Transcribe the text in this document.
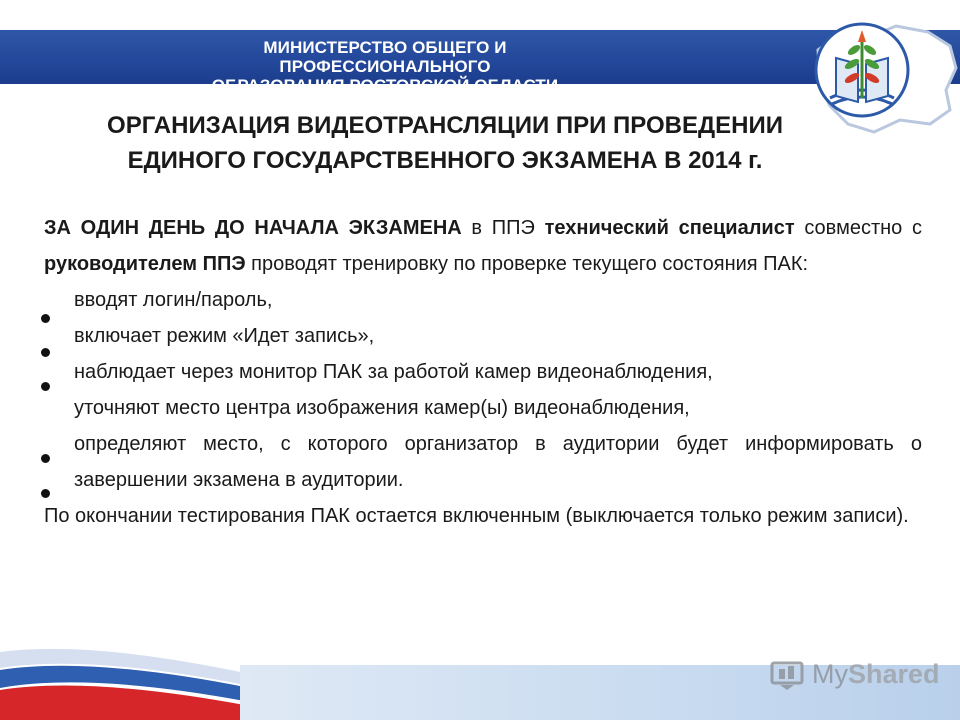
МИНИСТЕРСТВО ОБЩЕГО И ПРОФЕССИОНАЛЬНОГО
ОБРАЗОВАНИЯ РОСТОВСКОЙ ОБЛАСТИ
ОРГАНИЗАЦИЯ ВИДЕОТРАНСЛЯЦИИ ПРИ ПРОВЕДЕНИИ
ЕДИНОГО ГОСУДАРСТВЕННОГО ЭКЗАМЕНА В 2014 г.

ЗА ОДИН ДЕНЬ ДО НАЧАЛА ЭКЗАМЕНА в ППЭ технический специалист совместно с руководителем ППЭ проводят тренировку по проверке текущего состояния ПАК:

вводят логин/пароль,
включает режим «Идет запись»,
наблюдает через монитор ПАК за работой камер видеонаблюдения,
уточняют место центра изображения камер(ы) видеонаблюдения,
определяют место, с которого организатор в аудитории будет информировать о завершении экзамена в аудитории.

По окончании тестирования ПАК остается включенным (выключается только режим записи).

MyShared
